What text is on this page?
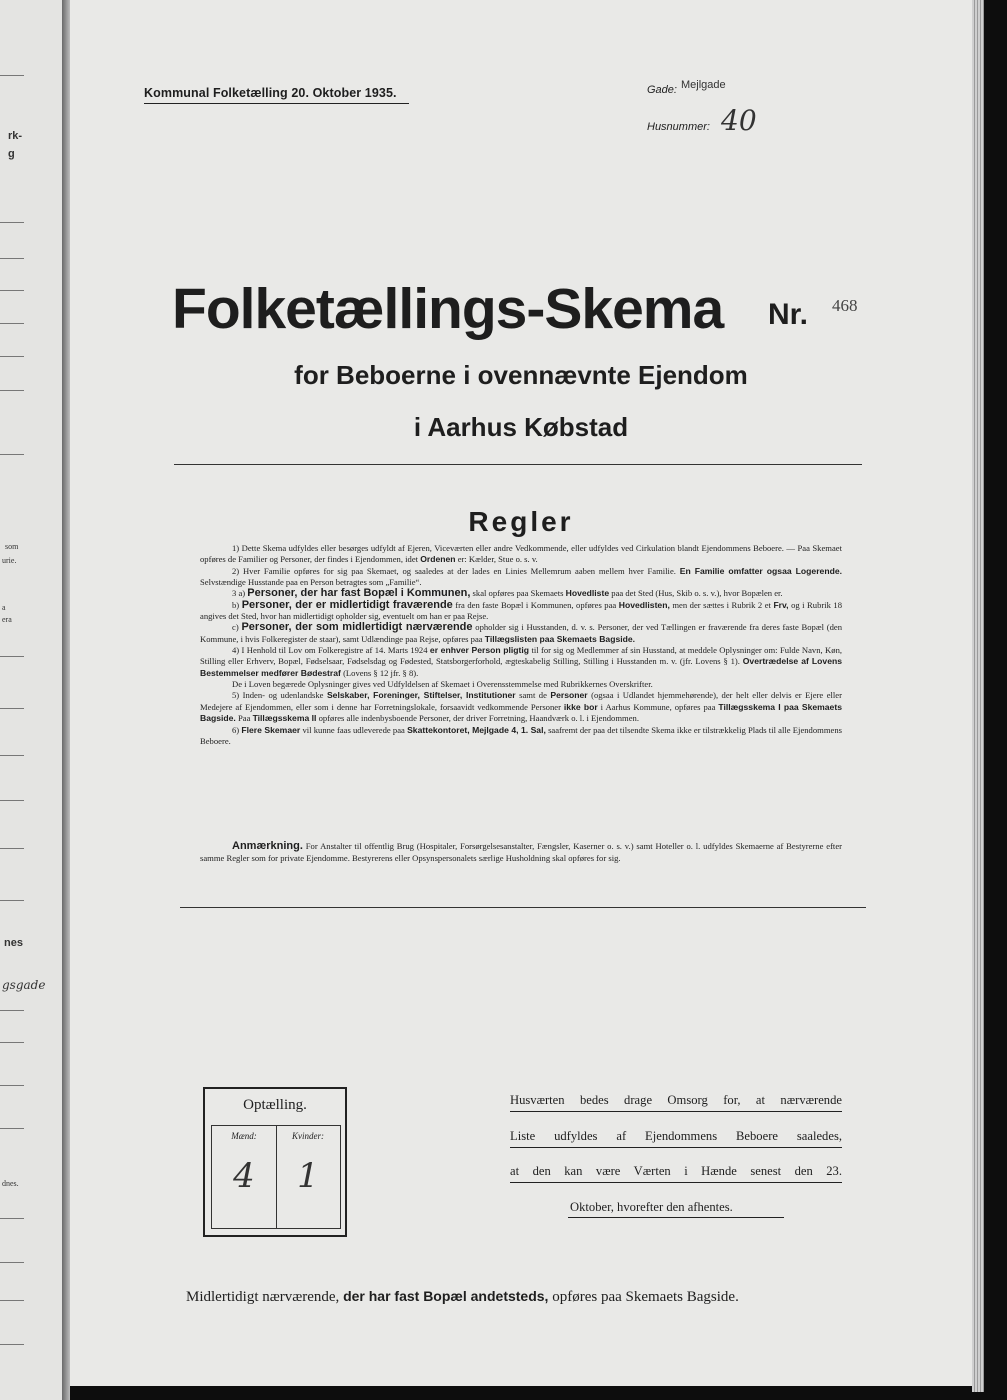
rk-
g
som
urie.
a
era
nes
gsgade
dnes.
Kommunal Folketælling 20. Oktober 1935.	Gade: Mejlgade
Husnummer: 40
Folketællings-Skema Nr. 468
for Beboerne i ovennævnte Ejendom
i Aarhus Købstad
Regler

1) Dette Skema udfyldes eller besørges udfyldt af Ejeren, Viceværten eller andre Vedkommende, eller udfyldes ved Cirkulation blandt Ejendommens Beboere. — Paa Skemaet opføres de Familier og Personer, der findes i Ejendommen, idet Ordenen er: Kælder, Stue o. s. v.

2) Hver Familie opføres for sig paa Skemaet, og saaledes at der lades en Linies Mellemrum aaben mellem hver Familie. En Familie omfatter ogsaa Logerende. Selvstændige Husstande paa en Person betragtes som „Familie“.

3 a) Personer, der har fast Bopæl i Kommunen, skal opføres paa Skemaets Hovedliste paa det Sted (Hus, Skib o. s. v.), hvor Bopælen er.

b) Personer, der er midlertidigt fraværende fra den faste Bopæl i Kommunen, opføres paa Hovedlisten, men der sættes i Rubrik 2 et Frv, og i Rubrik 18 angives det Sted, hvor han midlertidigt opholder sig, eventuelt om han er paa Rejse.

c) Personer, der som midlertidigt nærværende opholder sig i Husstanden, d. v. s. Personer, der ved Tællingen er fraværende fra deres faste Bopæl (den Kommune, i hvis Folkeregister de staar), samt Udlændinge paa Rejse, opføres paa Tillægslisten paa Skemaets Bagside.

4) I Henhold til Lov om Folkeregistre af 14. Marts 1924 er enhver Person pligtig til for sig og Medlemmer af sin Husstand, at meddele Oplysninger om: Fulde Navn, Køn, Stilling eller Erhverv, Bopæl, Fødselsaar, Fødselsdag og Fødested, Statsborgerforhold, ægteskabelig Stilling, Stilling i Husstanden m. v. (jfr. Lovens § 1). Overtrædelse af Lovens Bestemmelser medfører Bødestraf (Lovens § 12 jfr. § 8).

De i Loven begærede Oplysninger gives ved Udfyldelsen af Skemaet i Overensstemmelse med Rubrikkernes Overskrifter.

5) Inden- og udenlandske Selskaber, Foreninger, Stiftelser, Institutioner samt de Personer (ogsaa i Udlandet hjemmehørende), der helt eller delvis er Ejere eller Medejere af Ejendommen, eller som i denne har Forretningslokale, forsaavidt vedkommende Personer ikke bor i Aarhus Kommune, opføres paa Tillægsskema I paa Skemaets Bagside. Paa Tillægsskema II opføres alle indenbysboende Personer, der driver Forretning, Haandværk o. l. i Ejendommen.

6) Flere Skemaer vil kunne faas udleverede paa Skattekontoret, Mejlgade 4, 1. Sal, saafremt der paa det tilsendte Skema ikke er tilstrækkelig Plads til alle Ejendommens Beboere.

Anmærkning. For Anstalter til offentlig Brug (Hospitaler, Forsørgelsesanstalter, Fængsler, Kaserner o. s. v.) samt Hoteller o. l. udfyldes Skemaerne af Bestyrerne efter samme Regler som for private Ejendomme. Bestyrerens eller Opsynspersonalets særlige Husholdning skal opføres for sig.
Optælling.
Mænd:
4
Kvinder:
1
Husværten bedes drage Omsorg for, at nærværende
Liste udfyldes af Ejendommens Beboere saaledes,
at den kan være Værten i Hænde senest den 23.
Oktober, hvorefter den afhentes.
Midlertidigt nærværende, der har fast Bopæl andetsteds, opføres paa Skemaets Bagside.
